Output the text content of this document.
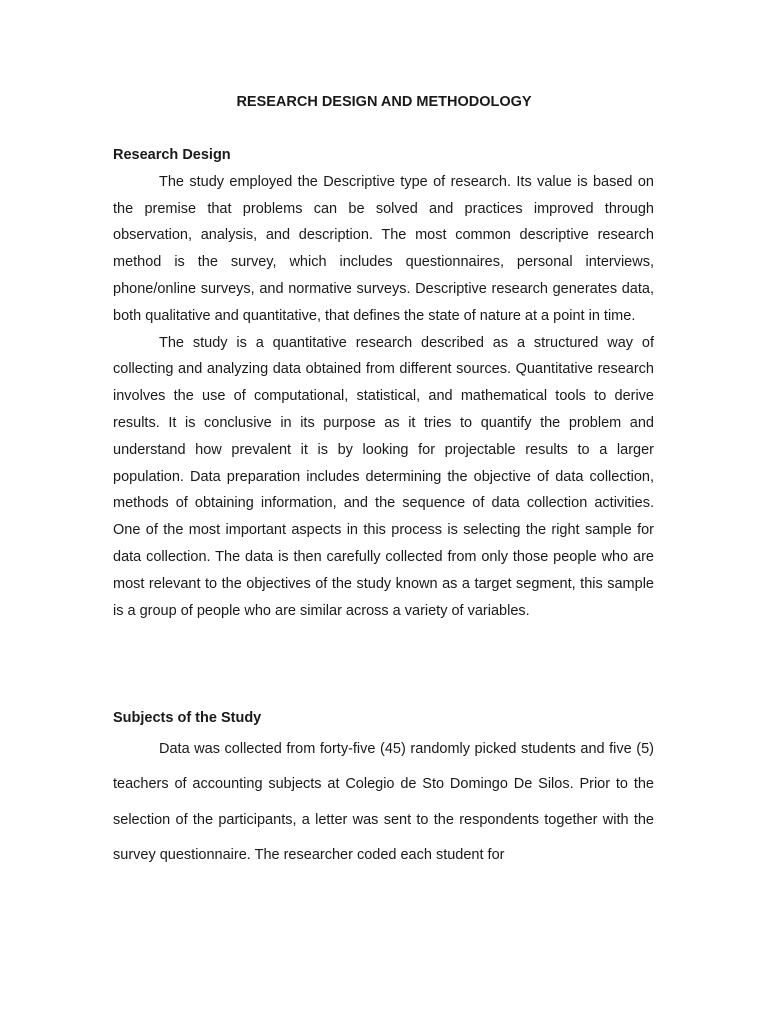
RESEARCH DESIGN AND METHODOLOGY
Research Design

The study employed the Descriptive type of research. Its value is based on the premise that problems can be solved and practices improved through observation, analysis, and description. The most common descriptive research method is the survey, which includes questionnaires, personal interviews, phone/online surveys, and normative surveys. Descriptive research generates data, both qualitative and quantitative, that defines the state of nature at a point in time.

The study is a quantitative research described as a structured way of collecting and analyzing data obtained from different sources. Quantitative research involves the use of computational, statistical, and mathematical tools to derive results. It is conclusive in its purpose as it tries to quantify the problem and understand how prevalent it is by looking for projectable results to a larger population. Data preparation includes determining the objective of data collection, methods of obtaining information, and the sequence of data collection activities. One of the most important aspects in this process is selecting the right sample for data collection. The data is then carefully collected from only those people who are most relevant to the objectives of the study known as a target segment, this sample is a group of people who are similar across a variety of variables.

Subjects of the Study

Data was collected from forty-five (45) randomly picked students and five (5) teachers of accounting subjects at Colegio de Sto Domingo De Silos. Prior to the selection of the participants, a letter was sent to the respondents together with the survey questionnaire. The researcher coded each student for
